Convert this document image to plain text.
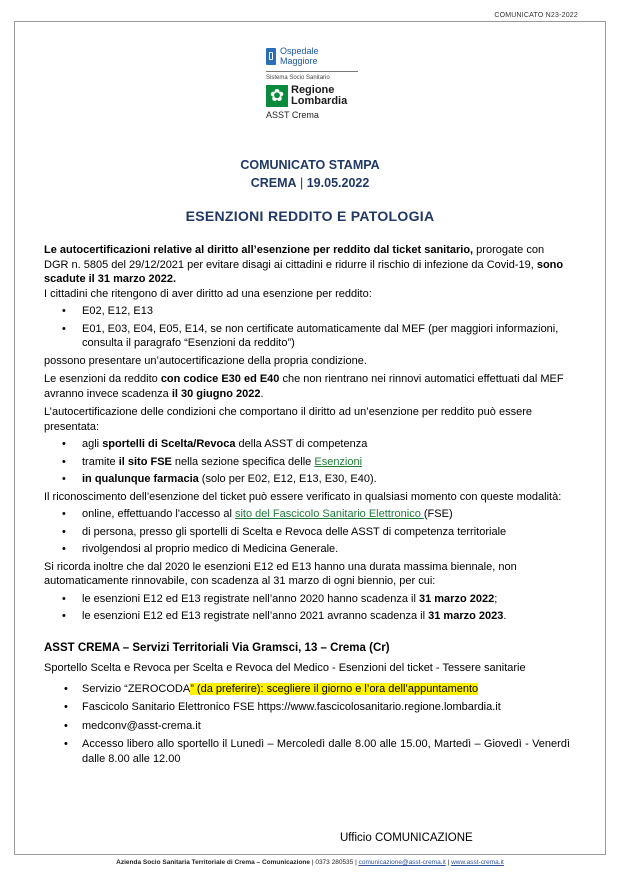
COMUNICATO N23-2022
Ospedale
Maggiore
Sistema Socio Sanitario
✿ Regione
Lombardia
ASST Crema
COMUNICATO STAMPA
CREMA | 19.05.2022
ESENZIONI REDDITO E PATOLOGIA

Le autocertificazioni relative al diritto all’esenzione per reddito dal ticket sanitario, prorogate con DGR n. 5805 del 29/12/2021 per evitare disagi ai cittadini e ridurre il rischio di infezione da Covid-19, sono scadute il 31 marzo 2022.

I cittadini che ritengono di aver diritto ad una esenzione per reddito:

• E02, E12, E13
• E01, E03, E04, E05, E14, se non certificate automaticamente dal MEF (per maggiori informazioni, consulta il paragrafo “Esenzioni da reddito”)

possono presentare un’autocertificazione della propria condizione.

Le esenzioni da reddito con codice E30 ed E40 che non rientrano nei rinnovi automatici effettuati dal MEF avranno invece scadenza il 30 giugno 2022.

L’autocertificazione delle condizioni che comportano il diritto ad un’esenzione per reddito può essere presentata:

• agli sportelli di Scelta/Revoca della ASST di competenza
• tramite il sito FSE nella sezione specifica delle Esenzioni
• in qualunque farmacia (solo per E02, E12, E13, E30, E40).

Il riconoscimento dell’esenzione del ticket può essere verificato in qualsiasi momento con queste modalità:

• online, effettuando l'accesso al sito del Fascicolo Sanitario Elettronico (FSE)
• di persona, presso gli sportelli di Scelta e Revoca delle ASST di competenza territoriale
• rivolgendosi al proprio medico di Medicina Generale.

Si ricorda inoltre che dal 2020 le esenzioni E12 ed E13 hanno una durata massima biennale, non automaticamente rinnovabile, con scadenza al 31 marzo di ogni biennio, per cui:

• le esenzioni E12 ed E13 registrate nell’anno 2020 hanno scadenza il 31 marzo 2022;
• le esenzioni E12 ed E13 registrate nell’anno 2021 avranno scadenza il 31 marzo 2023.

ASST CREMA – Servizi Territoriali Via Gramsci, 13 – Crema (Cr)

Sportello Scelta e Revoca per Scelta e Revoca del Medico - Esenzioni del ticket - Tessere sanitarie

• Servizio “ZEROCODA” (da preferire): scegliere il giorno e l’ora dell’appuntamento
• Fascicolo Sanitario Elettronico FSE https://www.fascicolosanitario.regione.lombardia.it
• medconv@asst-crema.it
• Accesso libero allo sportello il Lunedì – Mercoledì dalle 8.00 alle 15.00, Martedì – Giovedì - Venerdì dalle 8.00 alle 12.00
Ufficio COMUNICAZIONE
Azienda Socio Sanitaria Territoriale di Crema – Comunicazione | 0373 280535 | comunicazione@asst-crema.it | www.asst-crema.it
